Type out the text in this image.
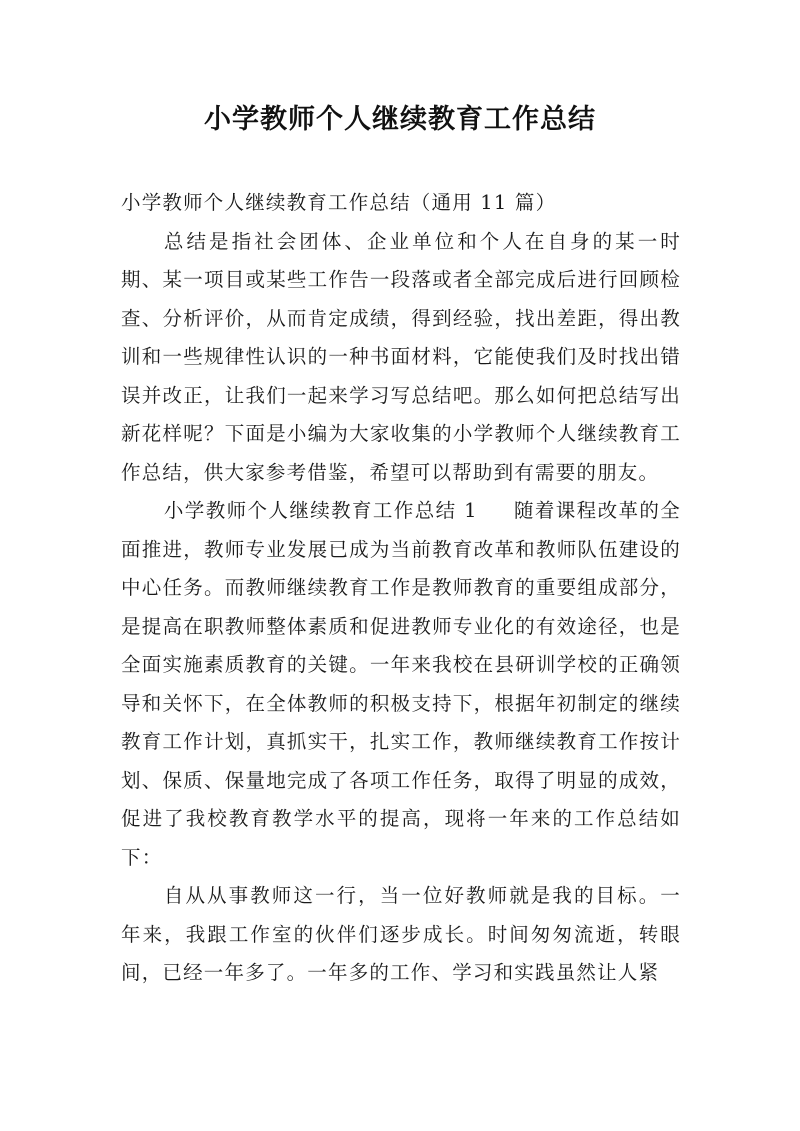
小学教师个人继续教育工作总结

小学教师个人继续教育工作总结（通用 11 篇）

总结是指社会团体、企业单位和个人在自身的某一时期、某一项目或某些工作告一段落或者全部完成后进行回顾检查、分析评价，从而肯定成绩，得到经验，找出差距，得出教训和一些规律性认识的一种书面材料，它能使我们及时找出错误并改正，让我们一起来学习写总结吧。那么如何把总结写出新花样呢？下面是小编为大家收集的小学教师个人继续教育工作总结，供大家参考借鉴，希望可以帮助到有需要的朋友。

小学教师个人继续教育工作总结 1 随着课程改革的全面推进，教师专业发展已成为当前教育改革和教师队伍建设的中心任务。而教师继续教育工作是教师教育的重要组成部分，是提高在职教师整体素质和促进教师专业化的有效途径，也是全面实施素质教育的关键。一年来我校在县研训学校的正确领导和关怀下，在全体教师的积极支持下，根据年初制定的继续教育工作计划，真抓实干，扎实工作，教师继续教育工作按计划、保质、保量地完成了各项工作任务，取得了明显的成效，促进了我校教育教学水平的提高，现将一年来的工作总结如下：

自从从事教师这一行，当一位好教师就是我的目标。一年来，我跟工作室的伙伴们逐步成长。时间匆匆流逝，转眼间，已经一年多了。一年多的工作、学习和实践虽然让人紧
